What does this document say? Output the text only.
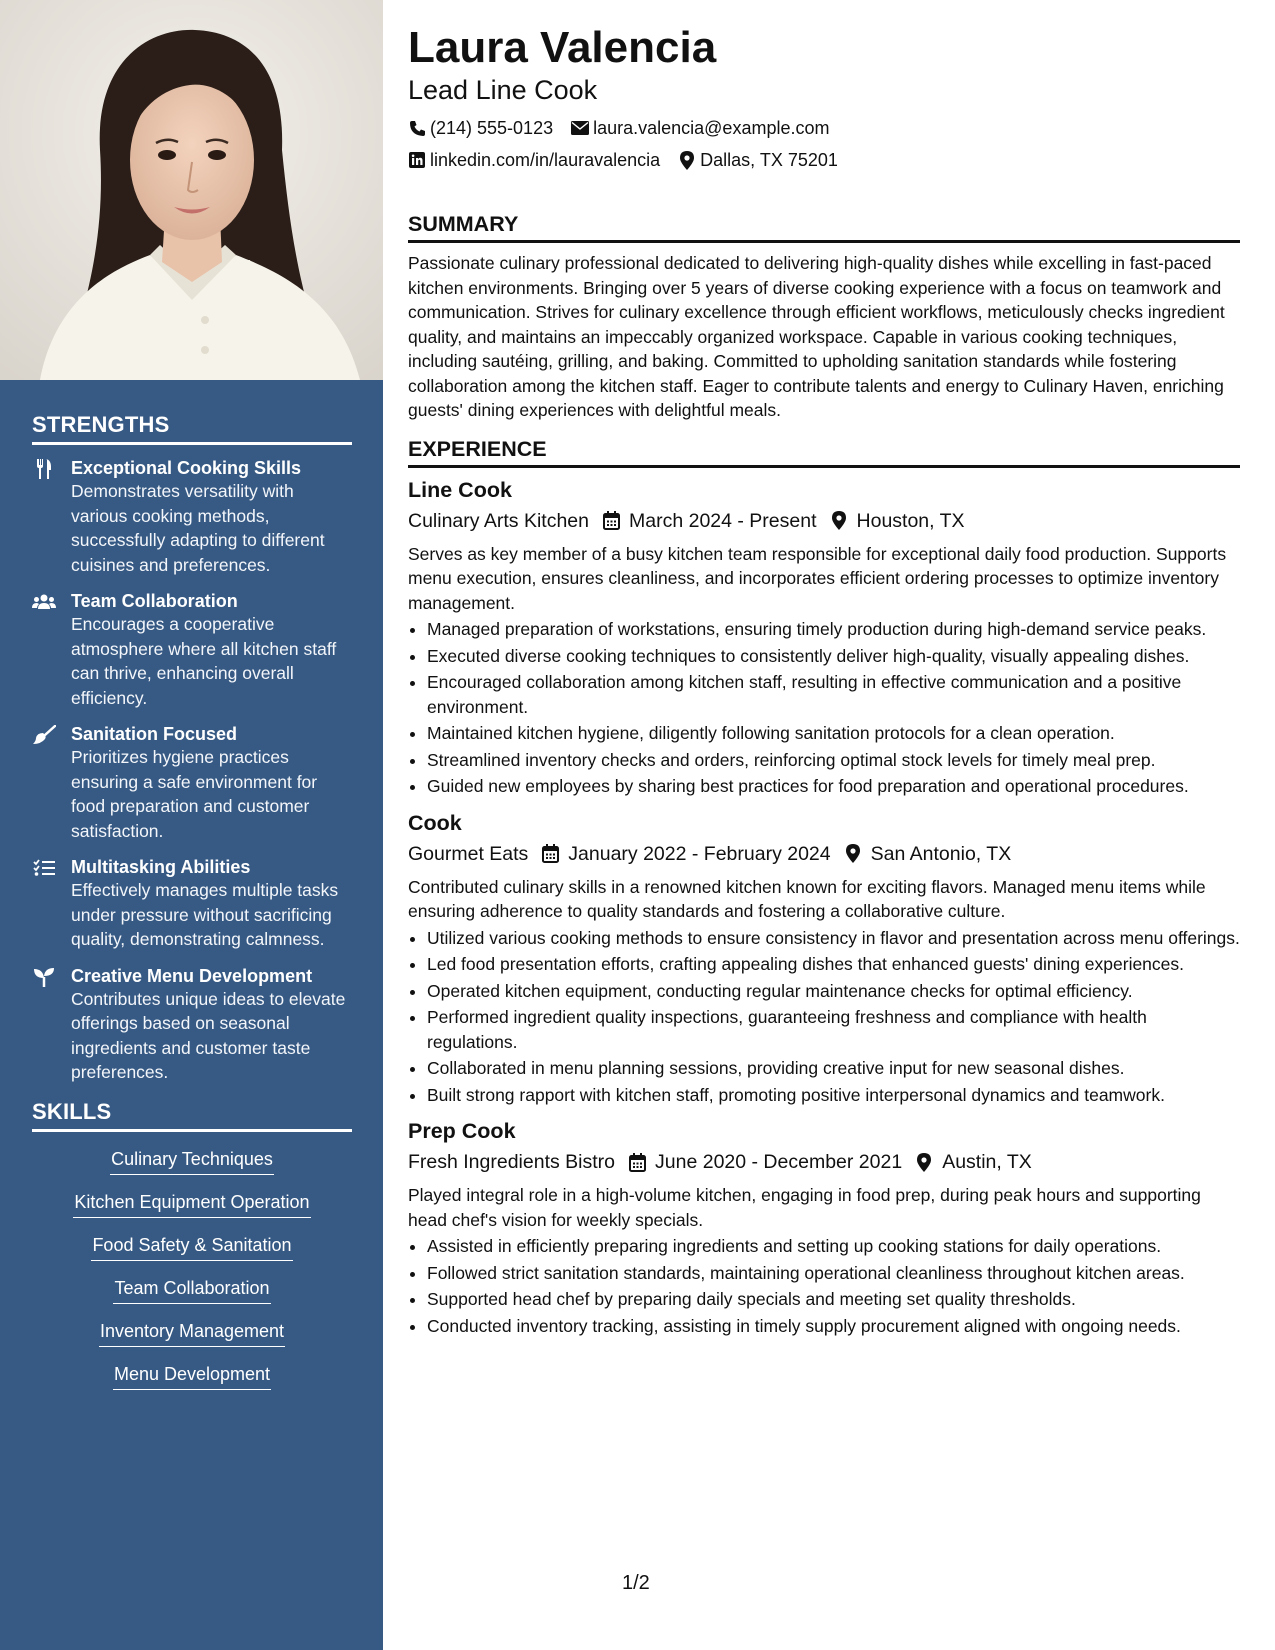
STRENGTHS
Exceptional Cooking Skills
Demonstrates versatility with various cooking methods, successfully adapting to different cuisines and preferences.
Team Collaboration
Encourages a cooperative atmosphere where all kitchen staff can thrive, enhancing overall efficiency.
Sanitation Focused
Prioritizes hygiene practices ensuring a safe environment for food preparation and customer satisfaction.
Multitasking Abilities
Effectively manages multiple tasks under pressure without sacrificing quality, demonstrating calmness.
Creative Menu Development
Contributes unique ideas to elevate offerings based on seasonal ingredients and customer taste preferences.
SKILLS
Culinary Techniques
Kitchen Equipment Operation
Food Safety & Sanitation
Team Collaboration
Inventory Management
Menu Development
Laura Valencia
Lead Line Cook
(214) 555-0123 laura.valencia@example.com
linkedin.com/in/lauravalencia Dallas, TX 75201
SUMMARY
Passionate culinary professional dedicated to delivering high-quality dishes while excelling in fast-paced kitchen environments. Bringing over 5 years of diverse cooking experience with a focus on teamwork and communication. Strives for culinary excellence through efficient workflows, meticulously checks ingredient quality, and maintains an impeccably organized workspace. Capable in various cooking techniques, including sautéing, grilling, and baking. Committed to upholding sanitation standards while fostering collaboration among the kitchen staff. Eager to contribute talents and energy to Culinary Haven, enriching guests' dining experiences with delightful meals.
EXPERIENCE
Line Cook
Culinary Arts Kitchen March 2024 - Present Houston, TX
Serves as key member of a busy kitchen team responsible for exceptional daily food production. Supports menu execution, ensures cleanliness, and incorporates efficient ordering processes to optimize inventory management.
• Managed preparation of workstations, ensuring timely production during high-demand service peaks.
• Executed diverse cooking techniques to consistently deliver high-quality, visually appealing dishes.
• Encouraged collaboration among kitchen staff, resulting in effective communication and a positive environment.
• Maintained kitchen hygiene, diligently following sanitation protocols for a clean operation.
• Streamlined inventory checks and orders, reinforcing optimal stock levels for timely meal prep.
• Guided new employees by sharing best practices for food preparation and operational procedures.
Cook
Gourmet Eats January 2022 - February 2024 San Antonio, TX
Contributed culinary skills in a renowned kitchen known for exciting flavors. Managed menu items while ensuring adherence to quality standards and fostering a collaborative culture.
• Utilized various cooking methods to ensure consistency in flavor and presentation across menu offerings.
• Led food presentation efforts, crafting appealing dishes that enhanced guests' dining experiences.
• Operated kitchen equipment, conducting regular maintenance checks for optimal efficiency.
• Performed ingredient quality inspections, guaranteeing freshness and compliance with health regulations.
• Collaborated in menu planning sessions, providing creative input for new seasonal dishes.
• Built strong rapport with kitchen staff, promoting positive interpersonal dynamics and teamwork.
Prep Cook
Fresh Ingredients Bistro June 2020 - December 2021 Austin, TX
Played integral role in a high-volume kitchen, engaging in food prep, during peak hours and supporting head chef's vision for weekly specials.
• Assisted in efficiently preparing ingredients and setting up cooking stations for daily operations.
• Followed strict sanitation standards, maintaining operational cleanliness throughout kitchen areas.
• Supported head chef by preparing daily specials and meeting set quality thresholds.
• Conducted inventory tracking, assisting in timely supply procurement aligned with ongoing needs.
1/2
